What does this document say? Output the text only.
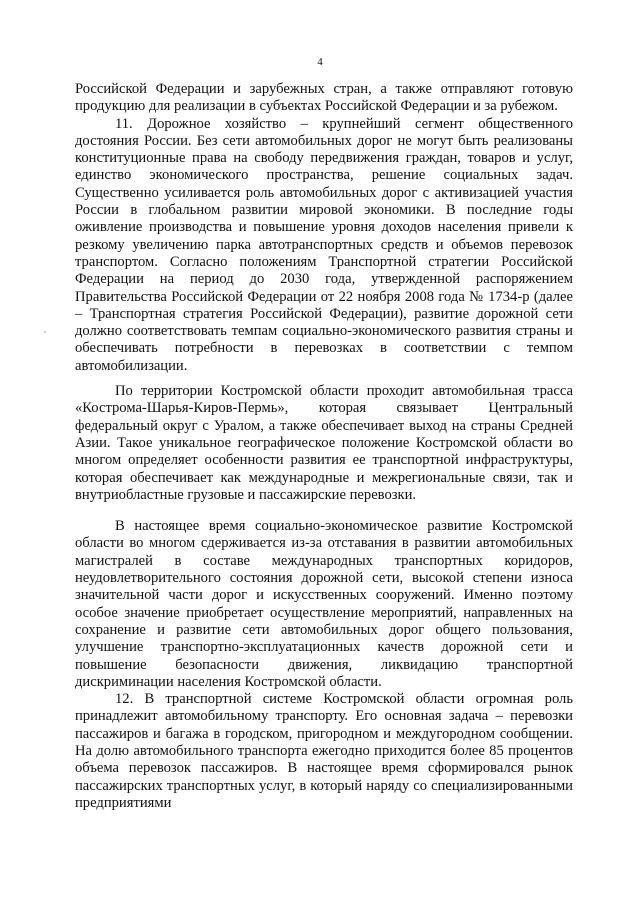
4

Российской Федерации и зарубежных стран, а также отправляют готовую продукцию для реализации в субъектах Российской Федерации и за рубежом.

11. Дорожное хозяйство – крупнейший сегмент общественного достояния России. Без сети автомобильных дорог не могут быть реализованы конституционные права на свободу передвижения граждан, товаров и услуг, единство экономического пространства, решение социальных задач. Существенно усиливается роль автомобильных дорог с активизацией участия России в глобальном развитии мировой экономики. В последние годы оживление производства и повышение уровня доходов населения привели к резкому увеличению парка автотранспортных средств и объемов перевозок транспортом. Согласно положениям Транспортной стратегии Российской Федерации на период до 2030 года, утвержденной распоряжением Правительства Российской Федерации от 22 ноября 2008 года № 1734-р (далее – Транспортная стратегия Российской Федерации), развитие дорожной сети должно соответствовать темпам социально-экономического развития страны и обеспечивать потребности в перевозках в соответствии с темпом автомобилизации.

По территории Костромской области проходит автомобильная трасса «Кострома-Шарья-Киров-Пермь», которая связывает Центральный федеральный округ с Уралом, а также обеспечивает выход на страны Средней Азии. Такое уникальное географическое положение Костромской области во многом определяет особенности развития ее транспортной инфраструктуры, которая обеспечивает как международные и межрегиональные связи, так и внутриобластные грузовые и пассажирские перевозки.

В настоящее время социально-экономическое развитие Костромской области во многом сдерживается из-за отставания в развитии автомобильных магистралей в составе международных транспортных коридоров, неудовлетворительного состояния дорожной сети, высокой степени износа значительной части дорог и искусственных сооружений. Именно поэтому особое значение приобретает осуществление мероприятий, направленных на сохранение и развитие сети автомобильных дорог общего пользования, улучшение транспортно-эксплуатационных качеств дорожной сети и повышение безопасности движения, ликвидацию транспортной дискриминации населения Костромской области.

12. В транспортной системе Костромской области огромная роль принадлежит автомобильному транспорту. Его основная задача – перевозки пассажиров и багажа в городском, пригородном и междугородном сообщении. На долю автомобильного транспорта ежегодно приходится более 85 процентов объема перевозок пассажиров. В настоящее время сформировался рынок пассажирских транспортных услуг, в который наряду со специализированными предприятиями
